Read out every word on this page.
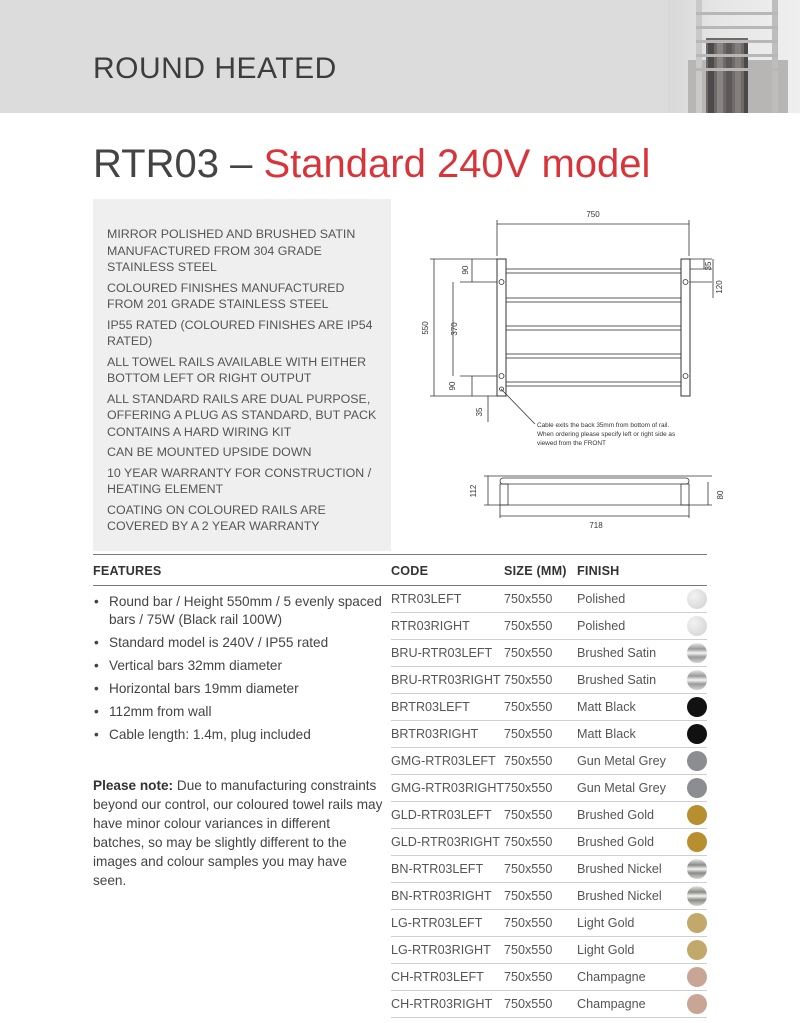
ROUND HEATED
RTR03 – Standard 240V model

MIRROR POLISHED AND BRUSHED SATIN MANUFACTURED FROM 304 GRADE STAINLESS STEEL

COLOURED FINISHES MANUFACTURED FROM 201 GRADE STAINLESS STEEL

IP55 RATED (COLOURED FINISHES ARE IP54 RATED)

ALL TOWEL RAILS AVAILABLE WITH EITHER BOTTOM LEFT OR RIGHT OUTPUT

ALL STANDARD RAILS ARE DUAL PURPOSE, OFFERING A PLUG AS STANDARD, BUT PACK CONTAINS A HARD WIRING KIT

CAN BE MOUNTED UPSIDE DOWN

10 YEAR WARRANTY FOR CONSTRUCTION / HEATING ELEMENT

COATING ON COLOURED RAILS ARE COVERED BY A 2 YEAR WARRANTY

750
550
90
370
90
35
35
120
Cable exits the back 35mm from bottom of rail.
When ordering please specify left or right side as
viewed from the FRONT
112	80
718
FEATURES	CODE	SIZE (MM) FINISH
• Round bar / Height 550mm / 5 evenly spaced bars / 75W (Black rail 100W)
• Standard model is 240V / IP55 rated
• Vertical bars 32mm diameter
• Horizontal bars 19mm diameter
• 112mm from wall
• Cable length: 1.4m, plug included

Please note: Due to manufacturing constraints beyond our control, our coloured towel rails may have minor colour variances in different batches, so may be slightly different to the images and colour samples you may have seen.

RTR03LEFT	750x550 Polished
RTR03RIGHT	750x550 Polished
BRU-RTR03LEFT 750x550 Brushed Satin
BRU-RTR03RIGHT 750x550 Brushed Satin
BRTR03LEFT	750x550 Matt Black
BRTR03RIGHT 750x550 Matt Black
GMG-RTR03LEFT 750x550 Gun Metal Grey
GMG-RTR03RIGHT 750x550 Gun Metal Grey
GLD-RTR03LEFT 750x550 Brushed Gold
GLD-RTR03RIGHT 750x550 Brushed Gold
BN-RTR03LEFT 750x550 Brushed Nickel
BN-RTR03RIGHT 750x550 Brushed Nickel
LG-RTR03LEFT 750x550 Light Gold
LG-RTR03RIGHT 750x550 Light Gold
CH-RTR03LEFT 750x550 Champagne
CH-RTR03RIGHT 750x550 Champagne
